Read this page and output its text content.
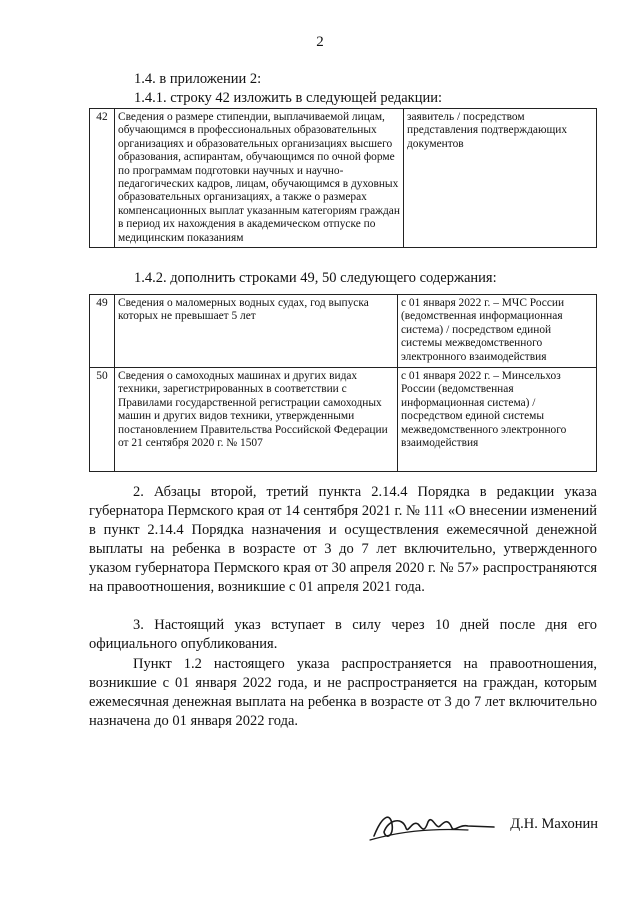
2
1.4. в приложении 2:
1.4.1. строку 42 изложить в следующей редакции:
42	Сведения о размере стипендии, выплачиваемой лицам, обучающимся в профессиональных образовательных организациях и образовательных организациях высшего образования, аспирантам, обучающимся по очной форме по программам подготовки научных и научно-педагогических кадров, лицам, обучающимся в духовных образовательных организациях, а также о размерах компенсационных выплат указанным категориям граждан в период их нахождения в академическом отпуске по медицинским показаниям	заявитель / посредством представления подтверждающих документов
1.4.2. дополнить строками 49, 50 следующего содержания:
49	Сведения о маломерных водных судах, год выпуска которых не превышает 5 лет	с 01 января 2022 г. – МЧС России (ведомственная информационная система) / посредством единой системы межведомственного электронного взаимодействия
50	Сведения о самоходных машинах и других видах техники, зарегистрированных в соответствии с Правилами государственной регистрации самоходных машин и других видов техники, утвержденными постановлением Правительства Российской Федерации от 21 сентября 2020 г. № 1507	с 01 января 2022 г. – Минсельхоз России (ведомственная информационная система) / посредством единой системы межведомственного электронного взаимодействия
2. Абзацы второй, третий пункта 2.14.4 Порядка в редакции указа губернатора Пермского края от 14 сентября 2021 г. № 111 «О внесении изменений в пункт 2.14.4 Порядка назначения и осуществления ежемесячной денежной выплаты на ребенка в возрасте от 3 до 7 лет включительно, утвержденного указом губернатора Пермского края от 30 апреля 2020 г. № 57» распространяются на правоотношения, возникшие с 01 апреля 2021 года.
3. Настоящий указ вступает в силу через 10 дней после дня его официального опубликования.
Пункт 1.2 настоящего указа распространяется на правоотношения, возникшие с 01 января 2022 года, и не распространяется на граждан, которым ежемесячная денежная выплата на ребенка в возрасте от 3 до 7 лет включительно назначена до 01 января 2022 года.
Д.Н. Махонин
